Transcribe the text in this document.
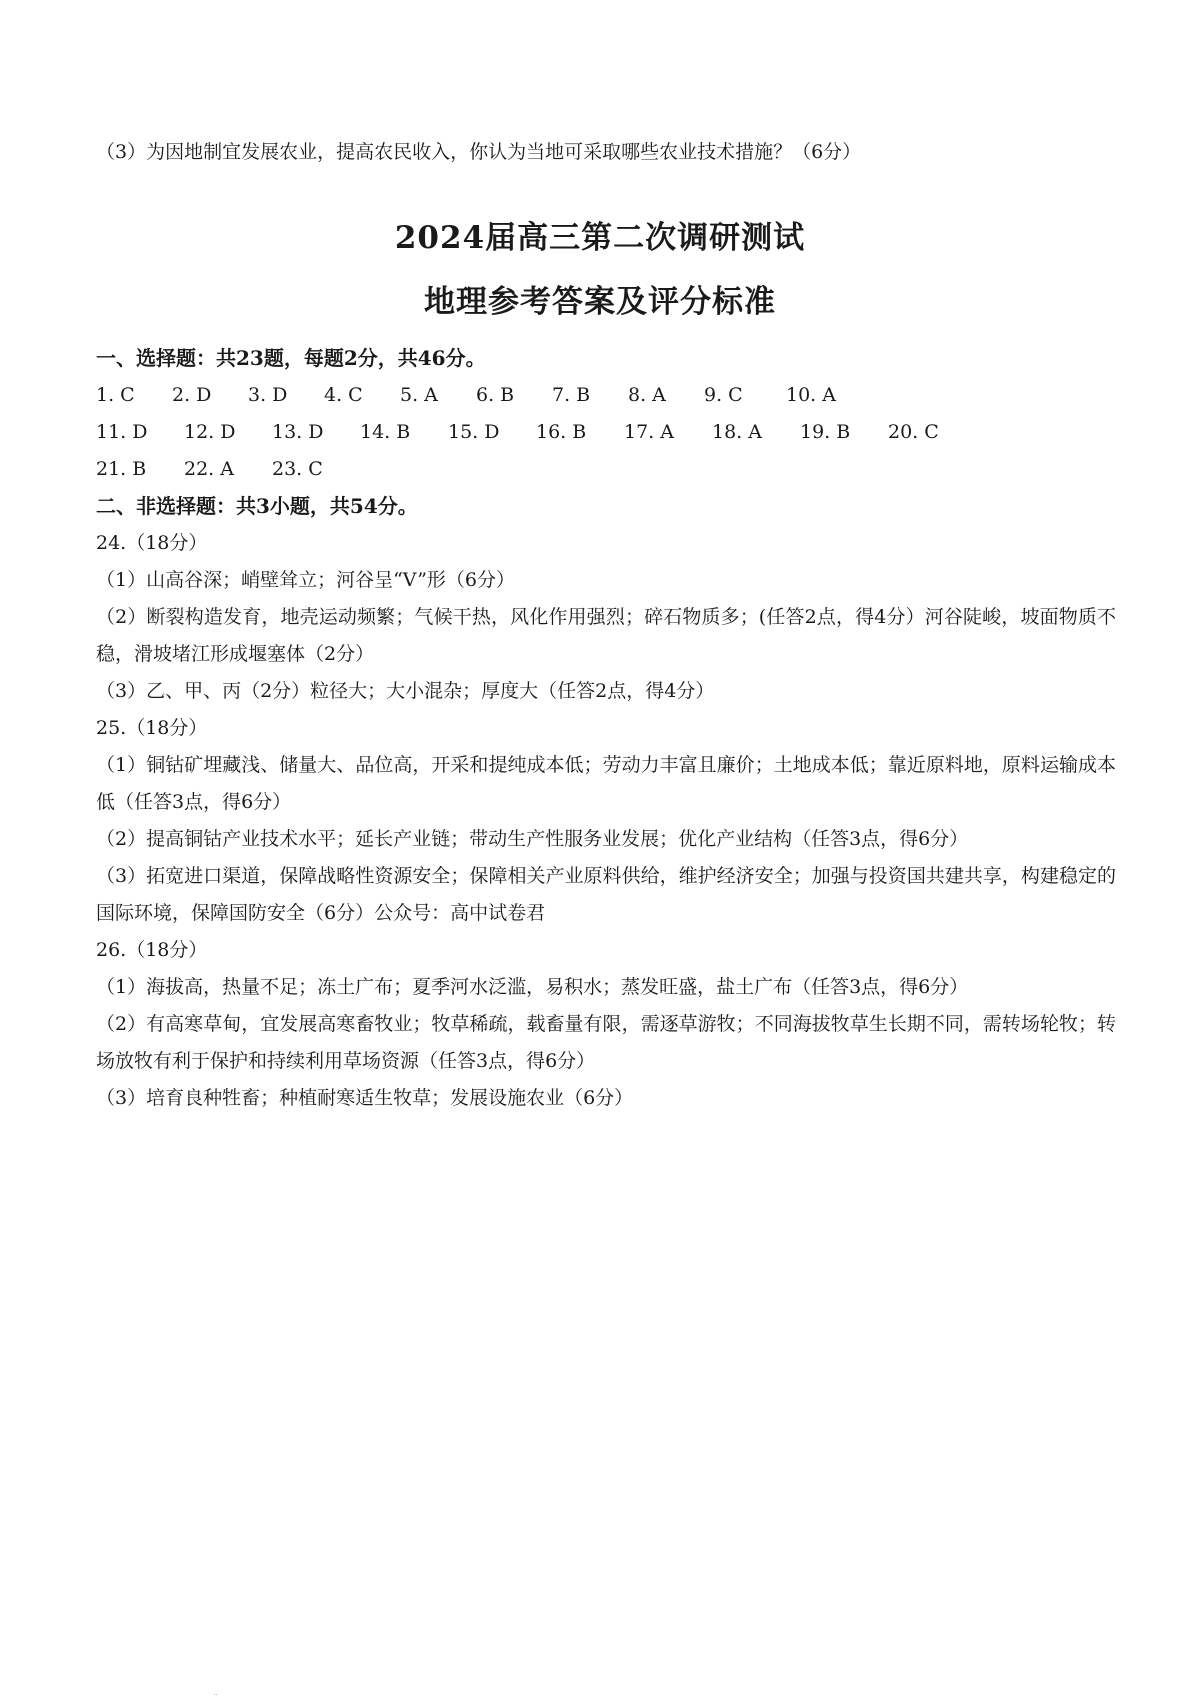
（3）为因地制宜发展农业，提高农民收入，你认为当地可采取哪些农业技术措施？（6分）
2024届高三第二次调研测试
地理参考答案及评分标准
一、选择题：共23题，每题2分，共46分。
1. C	2. D	3. D	4. C	5. A	6. B	7. B	8. A	9. C	10. A
11. D	12. D	13. D	14. B	15. D	16. B	17. A	18. A	19. B	20. C
21. B	22. A	23. C
二、非选择题：共3小题，共54分。
24.（18分）
（1）山高谷深；峭壁耸立；河谷呈“V”形（6分）
（2）断裂构造发育，地壳运动频繁；气候干热，风化作用强烈；碎石物质多；(任答2点，得4分）河谷陡峻，坡面物质不稳，滑坡堵江形成堰塞体（2分）
（3）乙、甲、丙（2分）粒径大；大小混杂；厚度大（任答2点，得4分）
25.（18分）
（1）铜钴矿埋藏浅、储量大、品位高，开采和提纯成本低；劳动力丰富且廉价；土地成本低；靠近原料地，原料运输成本低（任答3点，得6分）
（2）提高铜钴产业技术水平；延长产业链；带动生产性服务业发展；优化产业结构（任答3点，得6分）
（3）拓宽进口渠道，保障战略性资源安全；保障相关产业原料供给，维护经济安全；加强与投资国共建共享，构建稳定的国际环境，保障国防安全（6分）公众号：高中试卷君
26.（18分）
（1）海拔高，热量不足；冻土广布；夏季河水泛滥，易积水；蒸发旺盛，盐土广布（任答3点，得6分）
（2）有高寒草甸，宜发展高寒畜牧业；牧草稀疏，载畜量有限，需逐草游牧；不同海拔牧草生长期不同，需转场轮牧；转场放牧有利于保护和持续利用草场资源（任答3点，得6分）
（3）培育良种牲畜；种植耐寒适生牧草；发展设施农业（6分）
